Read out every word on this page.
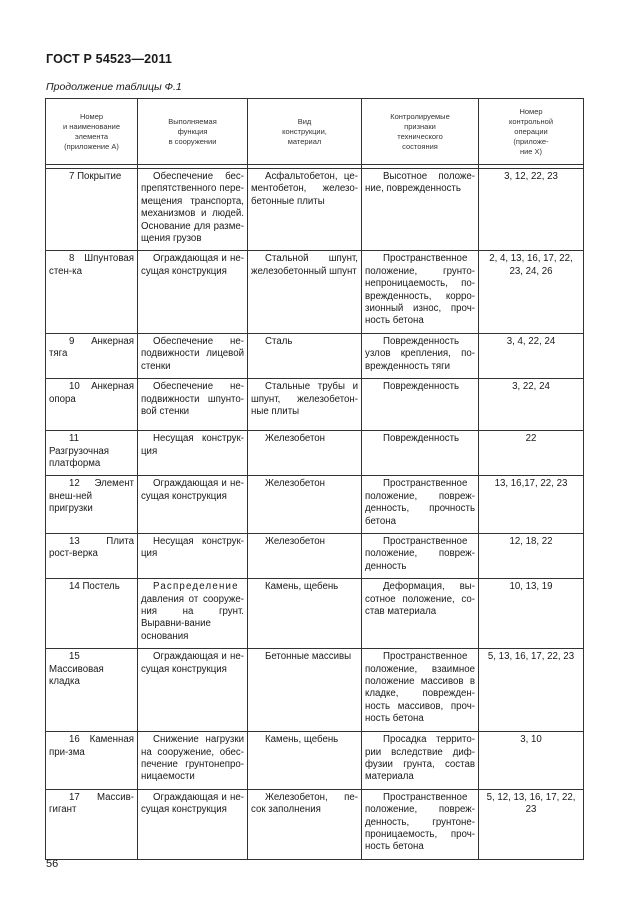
ГОСТ Р 54523—2011
Продолжение таблицы Ф.1
Номер
и наименование
элемента
(приложение А)	Выполняемая
функция
в сооружении	Вид
конструкции,
материал	Контролируемые
признаки
технического
состояния	Номер
контрольной
операции
(приложе-
ние Х)

7 Покрытие	Обеспечение бес-препятственного пере-мещения транспорта, механизмов и людей. Основание для разме-щения грузов	Асфальтобетон, це-ментобетон, железо-бетонные плиты	Высотное положе-ние, поврежденность	3, 12, 22, 23

8 Шпунтовая стен-ка	Ограждающая и не-сущая конструкция	Стальной шпунт, железобетонный шпунт	Пространственное положение, грунто-непроницаемость, по-врежденность, корро-зионный износ, проч-ность бетона	2, 4, 13, 16, 17, 22, 23, 24, 26

9 Анкерная тяга	Обеспечение не-подвижности лицевой стенки	Сталь	Поврежденность узлов крепления, по-врежденность тяги	3, 4, 22, 24

10 Анкерная опора	Обеспечение не-подвижности шпунто-вой стенки	Стальные трубы и шпунт, железобетон-ные плиты	Поврежденность	3, 22, 24

11 Разгрузочная платформа	Несущая конструк-ция	Железобетон	Поврежденность	22

12 Элемент внеш-ней пригрузки	Ограждающая и не-сущая конструкция	Железобетон	Пространственное положение, повреж-денность, прочность бетона	13, 16,17, 22, 23

13 Плита рост-верка	Несущая конструк-ция	Железобетон	Пространственное положение, повреж-денность	12, 18, 22

14 Постель	Распределение давления от сооруже-ния на грунт. Выравни-вание основания	Камень, щебень	Деформация, вы-сотное положение, со-став материала	10, 13, 19

15 Массивовая кладка	Ограждающая и не-сущая конструкция	Бетонные массивы	Пространственное положение, взаимное положение массивов в кладке, поврежден-ность массивов, проч-ность бетона	5, 13, 16, 17, 22, 23

16 Каменная при-зма	Снижение нагрузки на сооружение, обес-печение грунтонепро-ницаемости	Камень, щебень	Просадка террито-рии вследствие диф-фузии грунта, состав материала	3, 10

17 Массив-гигант	Ограждающая и не-сущая конструкция	Железобетон, пе-сок заполнения	Пространственное положение, повреж-денность, грунтоне-проницаемость, проч-ность бетона	5, 12, 13, 16, 17, 22, 23
56
